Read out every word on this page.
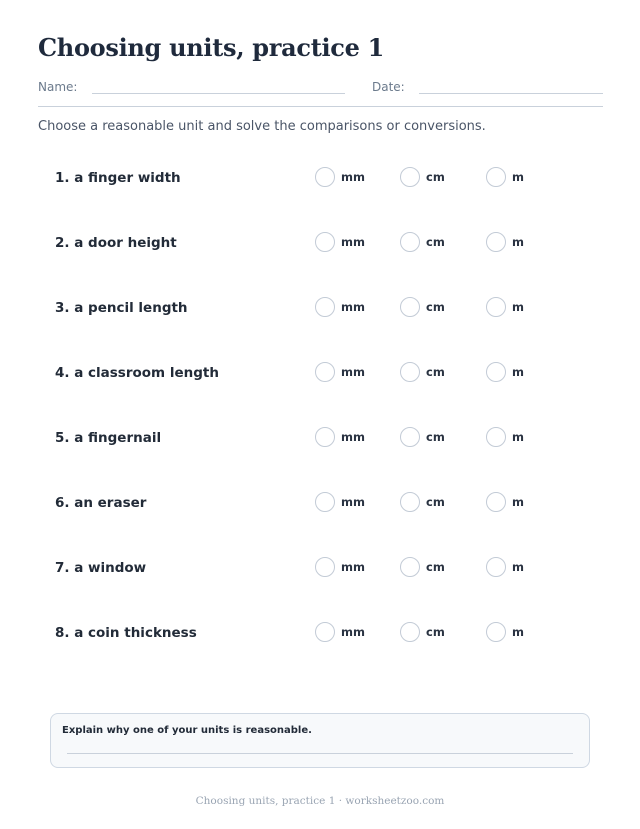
Choosing units, practice 1
Name:	Date:
Choose a reasonable unit and solve the comparisons or conversions.
1. a finger width	mm	cm	m
2. a door height	mm	cm	m
3. a pencil length	mm	cm	m
4. a classroom length	mm	cm	m
5. a fingernail	mm	cm	m
6. an eraser	mm	cm	m
7. a window	mm	cm	m
8. a coin thickness	mm	cm	m
Explain why one of your units is reasonable.
Choosing units, practice 1 · worksheetzoo.com
